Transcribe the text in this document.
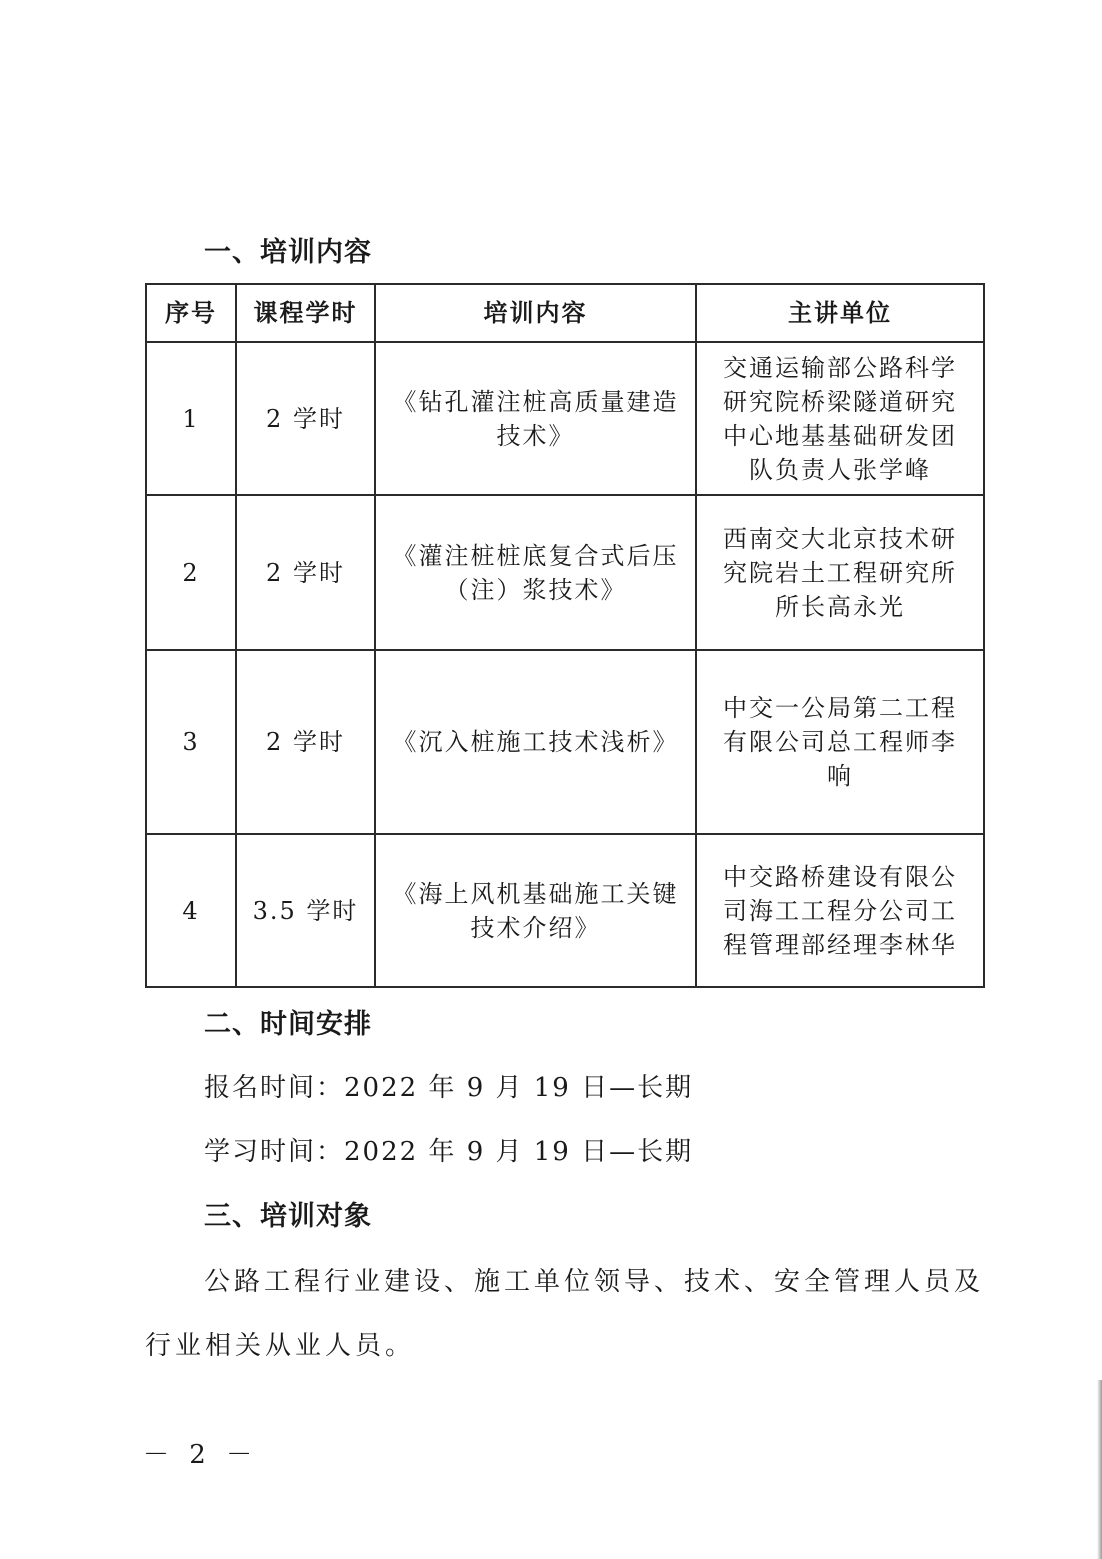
一、培训内容
序号	课程学时	培训内容	主讲单位
1	2 学时	《钻孔灌注桩高质量建造技术》	交通运输部公路科学研究院桥梁隧道研究中心地基基础研发团队负责人张学峰
2	2 学时	《灌注桩桩底复合式后压（注）浆技术》	西南交大北京技术研究院岩土工程研究所所长高永光
3	2 学时	《沉入桩施工技术浅析》	中交一公局第二工程有限公司总工程师李响
4	3.5 学时	《海上风机基础施工关键技术介绍》	中交路桥建设有限公司海工工程分公司工程管理部经理李林华
二、时间安排
报名时间：2022 年 9 月 19 日—长期
学习时间：2022 年 9 月 19 日—长期
三、培训对象
公路工程行业建设、施工单位领导、技术、安全管理人员及
行业相关从业人员。
－ 2 －
